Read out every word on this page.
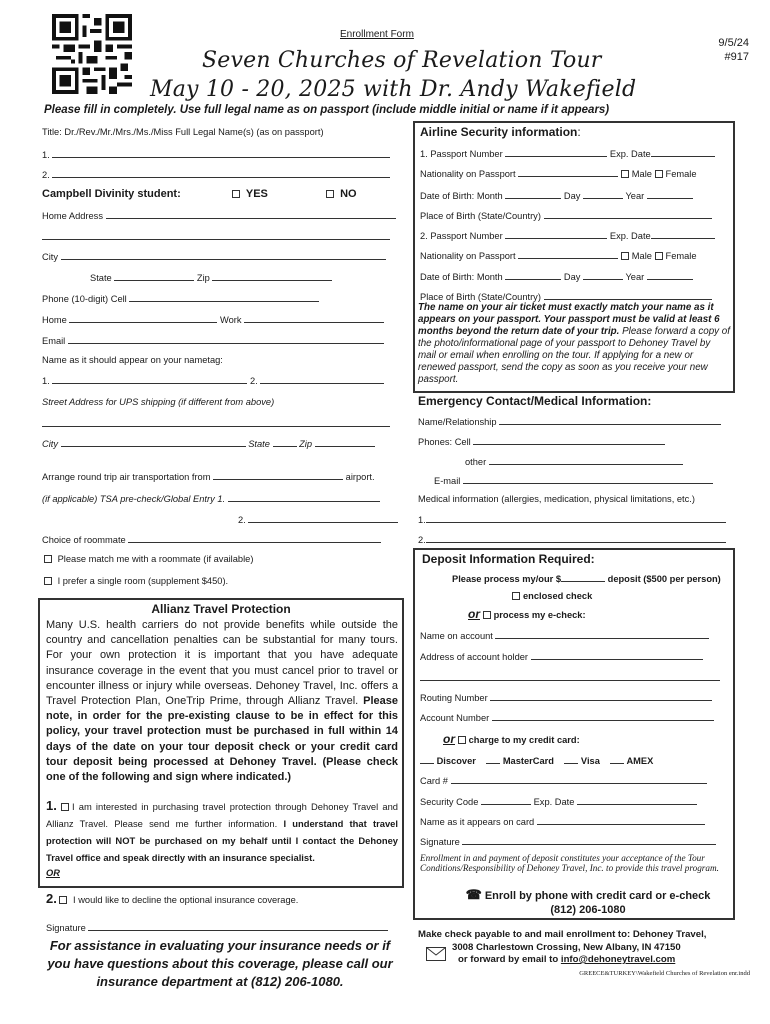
Enrollment Form
9/5/24
#917
Seven Churches of Revelation Tour
May 10 - 20, 2025 with Dr. Andy Wakefield
Please fill in completely. Use full legal name as on passport (include middle initial or name if it appears)
Title: Dr./Rev./Mr./Mrs./Ms./Miss Full Legal Name(s) (as on passport)
1.
2.
Campbell Divinity student:	YES	NO
Home Address
City
State	Zip
Phone (10-digit) Cell
Home	Work
Email
Name as it should appear on your nametag:
1.	2.
Street Address for UPS shipping (if different from above)
City	State	Zip
Arrange round trip air transportation from	airport.
(if applicable) TSA pre-check/Global Entry 1.
2.
Choice of roommate
Please match me with a roommate (if available)
I prefer a single room (supplement $450).
Allianz Travel Protection
Many U.S. health carriers do not provide benefits while outside the country and cancellation penalties can be substantial for many tours. For your own protection it is important that you have adequate insurance coverage in the event that you must cancel prior to travel or encounter illness or injury while overseas. Dehoney Travel, Inc. offers a Travel Protection Plan, OneTrip Prime, through Allianz Travel. Please note, in order for the pre-existing clause to be in effect for this policy, your travel protection must be purchased in full within 14 days of the date on your tour deposit check or your credit card tour deposit being processed at Dehoney Travel. (Please check one of the following and sign where indicated.)
1. I am interested in purchasing travel protection through Dehoney Travel and Allianz Travel. Please send me further information. I understand that travel protection will NOT be purchased on my behalf until I contact the Dehoney Travel office and speak directly with an insurance specialist.
OR
2. I would like to decline the optional insurance coverage.
Signature
For assistance in evaluating your insurance needs or if you have questions about this coverage, please call our insurance department at (812) 206-1080.
Airline Security information:
1. Passport Number	Exp. Date
Nationality on Passport	Male Female
Date of Birth: Month	Day	Year
Place of Birth (State/Country)
2. Passport Number	Exp. Date
Nationality on Passport	Male Female
Date of Birth: Month	Day	Year
Place of Birth (State/Country)
The name on your air ticket must exactly match your name as it appears on your passport. Your passport must be valid at least 6 months beyond the return date of your trip. Please forward a copy of the photo/informational page of your passport to Dehoney Travel by mail or email when enrolling on the tour. If applying for a new or renewed passport, send the copy as soon as you receive your new passport.
Emergency Contact/Medical Information:
Name/Relationship
Phones: Cell
other
E-mail
Medical information (allergies, medication, physical limitations, etc.)
1.
2.
Deposit Information Required:
Please process my/our $	deposit ($500 per person)
enclosed check
or process my e-check:
Name on account
Address of account holder
Routing Number
Account Number
or charge to my credit card:
Discover	MasterCard	Visa	AMEX
Card #
Security Code	Exp. Date
Name as it appears on card
Signature
Enrollment in and payment of deposit constitutes your acceptance of the Tour Conditions/Responsibility of Dehoney Travel, Inc. to provide this travel program.
☎ Enroll by phone with credit card or e-check
(812) 206-1080
Make check payable to and mail enrollment to: Dehoney Travel,
3008 Charlestown Crossing, New Albany, IN 47150
or forward by email to info@dehoneytravel.com
GREECE&TURKEY\Wakefield Churches of Revelation enr.indd
